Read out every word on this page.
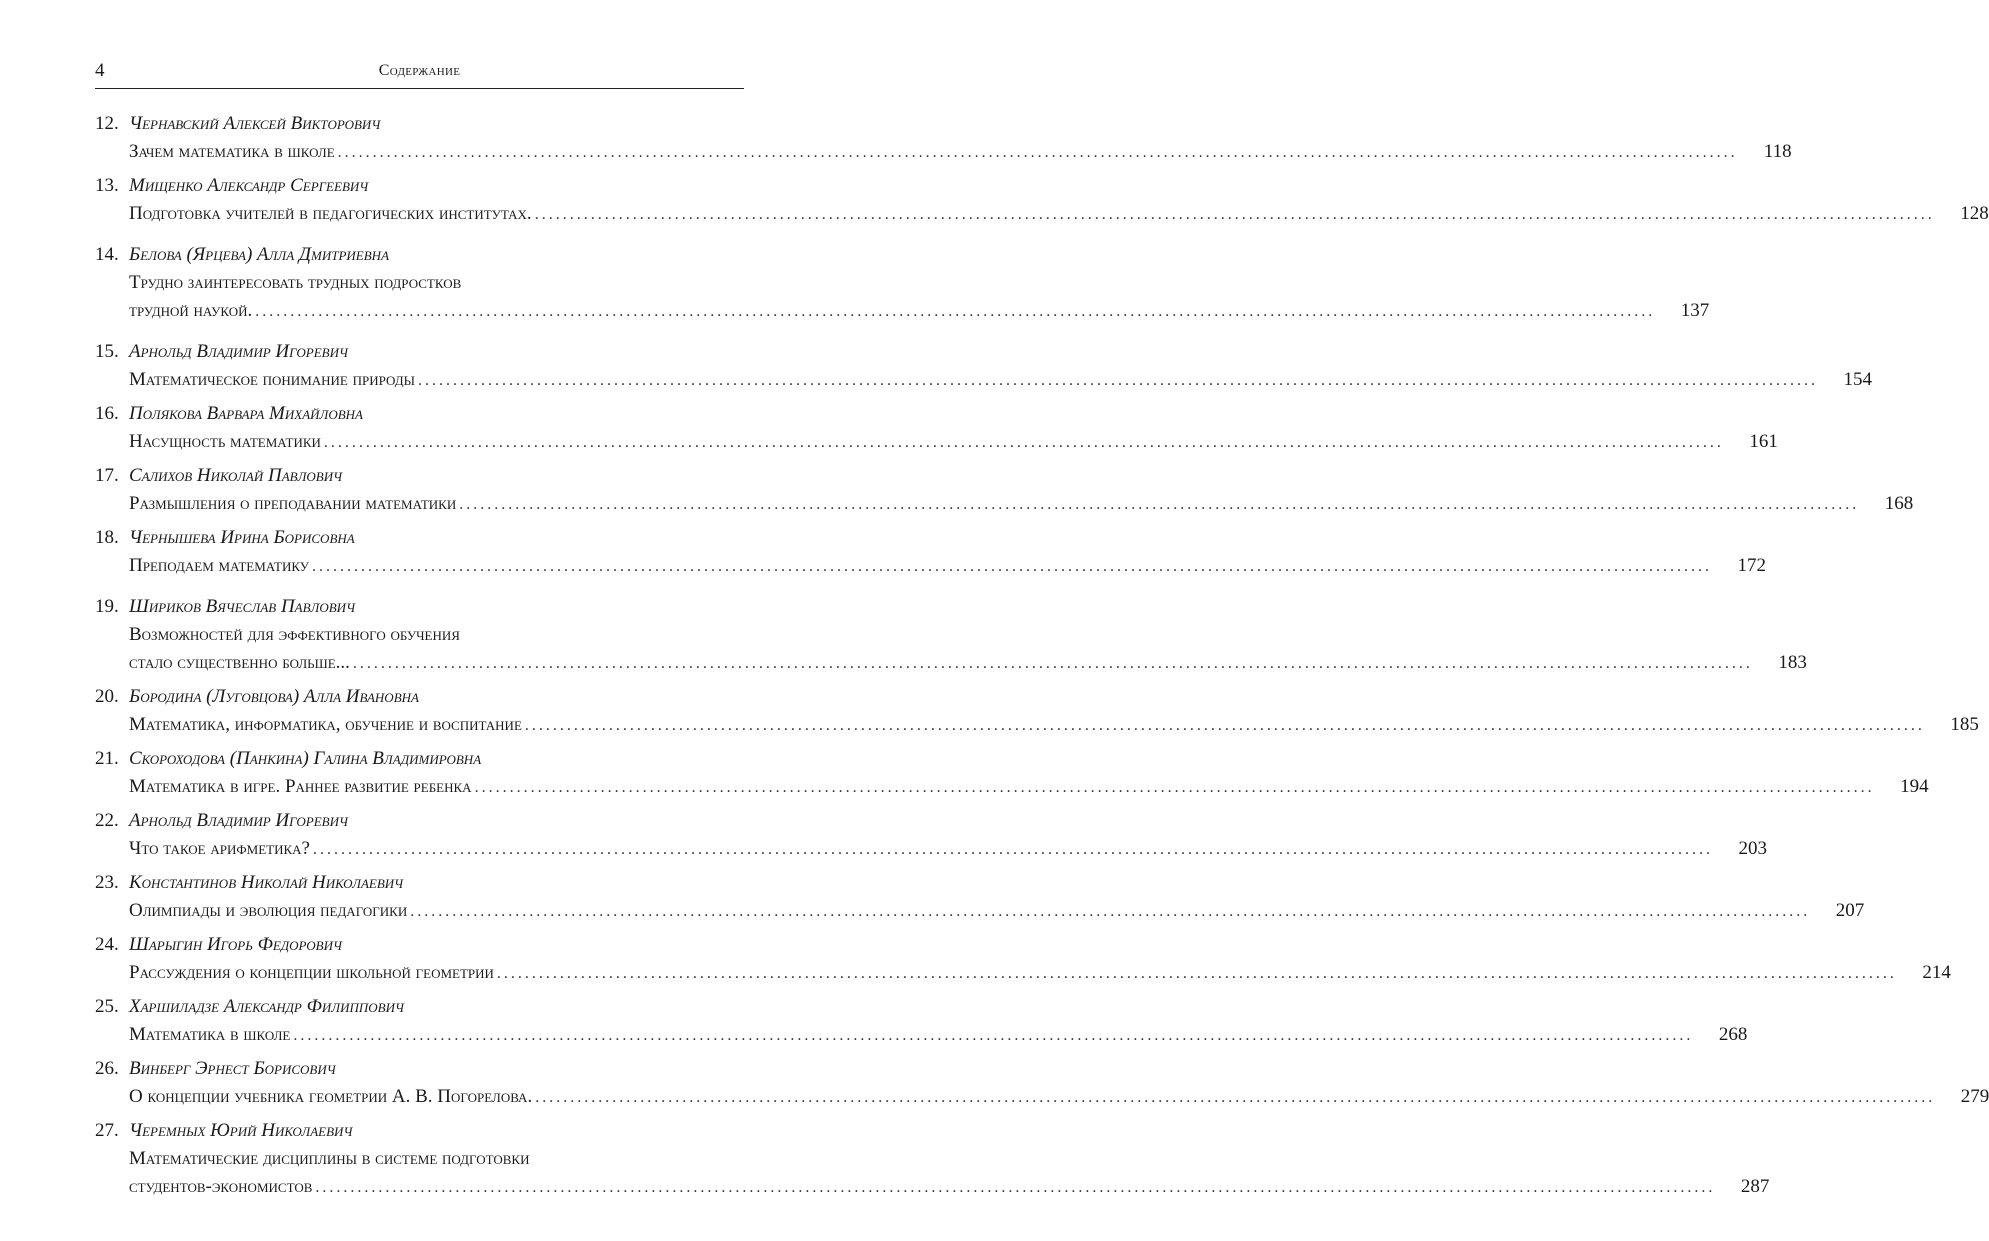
4	Содержание
12. Чернавский Алексей Викторович
Зачем математика в школе ........................................................................................................................................................................................................	118
13. Мищенко Александр Сергеевич
Подготовка учителей в педагогических институтах. ........................................................................................................................................................................................................	128
14. Белова (Ярцева) Алла Дмитриевна
Трудно заинтересовать трудных подростков
трудной наукой. ........................................................................................................................................................................................................	137
15. Арнольд Владимир Игоревич
Математическое понимание природы ........................................................................................................................................................................................................	154
16. Полякова Варвара Михайловна
Насущность математики ........................................................................................................................................................................................................	161
17. Салихов Николай Павлович
Размышления о преподавании математики ........................................................................................................................................................................................................	168
18. Чернышева Ирина Борисовна
Преподаем математику ........................................................................................................................................................................................................	172
19. Шириков Вячеслав Павлович
Возможностей для эффективного обучения
стало существенно больше... ........................................................................................................................................................................................................	183
20. Бородина (Луговцова) Алла Ивановна
Математика, информатика, обучение и воспитание ........................................................................................................................................................................................................	185
21. Скороходова (Панкина) Галина Владимировна
Математика в игре. Раннее развитие ребенка ........................................................................................................................................................................................................	194
22. Арнольд Владимир Игоревич
Что такое арифметика? ........................................................................................................................................................................................................	203
23. Константинов Николай Николаевич
Олимпиады и эволюция педагогики ........................................................................................................................................................................................................	207
24. Шарыгин Игорь Федорович
Рассуждения о концепции школьной геометрии ........................................................................................................................................................................................................	214
25. Харшиладзе Александр Филиппович
Математика в школе ........................................................................................................................................................................................................	268
26. Винберг Эрнест Борисович
О концепции учебника геометрии А. В. Погорелова. ........................................................................................................................................................................................................	279
27. Черемных Юрий Николаевич
Математические дисциплины в системе подготовки
студентов-экономистов ........................................................................................................................................................................................................	287
